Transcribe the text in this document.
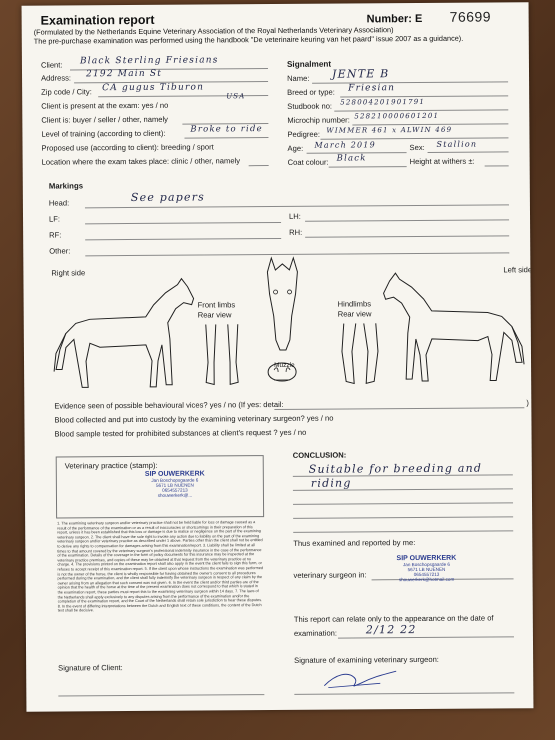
Examination report
(Formulated by the Netherlands Equine Veterinary Association of the Royal Netherlands Veterinary Association)
The pre-purchase examination was performed using the handbook "De veterinaire keuring van het paard" issue 2007 as a guidance).
Number: E 76699
Client: Black Sterling Friesians
Address: 2192 Main St
Zip code / City: CA gugus Tiburon
USA
Client is present at the exam: yes / no
Client is: buyer / seller / other, namely
Level of training (according to client):	Broke to ride
Proposed use (according to client): breeding / sport
Location where the exam takes place: clinic / other, namely
Signalment
Name: JENTE B
Breed or type: Friesian
Studbook no: 528004201901791
Microchip number: 528210000601201
Pedigree: WIMMER 461 x ALWIN 469
Age: March 2019	Sex: Stallion
Coat colour: Black	Height at withers ±:
Markings
Head:	See papers
LF:	LH:
RF:	RH:
Other:
Right side	Left side
Muzzle
Front limbs
Rear view
Hindlimbs
Rear view
Evidence seen of possible behavioural vices? yes / no (If yes: detail:	)
Blood collected and put into custody by the examining veterinary surgeon? yes / no
Blood sample tested for prohibited substances at client's request ? yes / no
Veterinary practice (stamp):
SIP OUWERKERK
Jan Boschopsgaarde 6
5671 LB NUENEN
0654557213
shouwerkerk@...
1. The examining veterinary surgeon and/or veterinary practice shall not be held liable for loss or damage caused as a result of the performance of the examination or as a result of inaccuracies or shortcomings in their preparation of this report, unless it has been established that this loss or damage is due to malice or negligence on the part of the examining veterinary surgeon. 2. The client shall have the sole right to invoke any action due to liability on the part of the examining veterinary surgeon and/or veterinary practice as described under 1 above. Parties other than the client shall not be entitled to derive any rights to compensation for damages arising from this examination/report. 3. Liability shall be limited at all times to that amount covered by the veterinary surgeon's professional indemnity insurance in the case of the performance of the examination. Details of the coverage in the form of policy documents for this insurance may be inspected at the veterinary practice premises, and copies of these may be obtained at that request from the veterinary practice at no charge. 4. The provisions printed on the examination report shall also apply in the event the client fails to sign this form, or refuses to accept receipt of this examination report. 5. If the client upon whose instructions the examination was performed is not the owner of the horse, the client is wholly responsible for having obtained the owner's consent to all procedures performed during the examination, and the client shall fully indemnify the veterinary surgeon in respect of any claim by the owner arising from an allegation that such consent was not given. 6. In the event the client and/or third parties are of the opinion that the health of the horse at the time of the present examination does not correspond to that which is stated in the examination report, these parties must report this to the examining veterinary surgeon within 14 days. 7. The laws of the Netherlands shall apply exclusively to any disputes arising from the performance of the examination and/or the completion of the examination report, and the Court of the Netherlands shall retain sole jurisdiction to hear these disputes. 8. In the event of differing interpretations between the Dutch and English text of these conditions, the content of the Dutch text shall be decisive.
Signature of Client:
CONCLUSION:
Suitable for breeding and
riding
Thus examined and reported by me:
veterinary surgeon in:
SIP OUWERKERK
Jan Boschopsgaarde 6
5671 LB NUENEN
0654557213
shouwerkerk@hotmail.com
This report can relate only to the appearance on the date of
examination:	2/12 22
Signature of examining veterinary surgeon:
